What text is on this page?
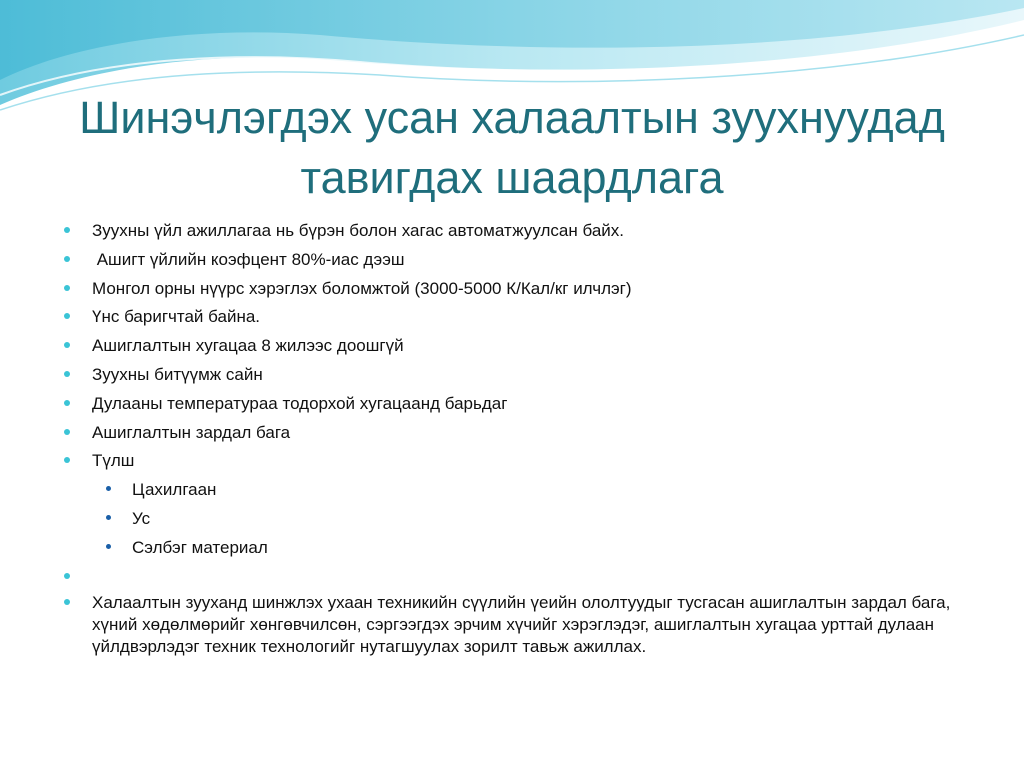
Шинэчлэгдэх усан халаалтын зуухнуудад
тавигдах шаардлага

Зуухны үйл ажиллагаа нь бүрэн болон хагас автоматжуулсан байх.

Ашигт үйлийн коэфцент 80%-иас дээш

Монгол орны нүүрс хэрэглэх боломжтой (3000-5000 К/Кал/кг илчлэг)

Үнс баригчтай байна.

Ашиглалтын хугацаа 8 жилээс доошгүй

Зуухны битүүмж сайн

Дулааны температураа тодорхой хугацаанд барьдаг

Ашиглалтын зардал бага

Түлш

Цахилгаан

Ус

Сэлбэг материал

Халаалтын зууханд шинжлэх ухаан техникийн сүүлийн үеийн ололтуудыг тусгасан ашиглалтын зардал бага, хүний хөдөлмөрийг хөнгөвчилсөн, сэргээгдэх эрчим хүчийг хэрэглэдэг, ашиглалтын хугацаа урттай дулаан үйлдвэрлэдэг техник технологийг нутагшуулах зорилт тавьж ажиллах.
